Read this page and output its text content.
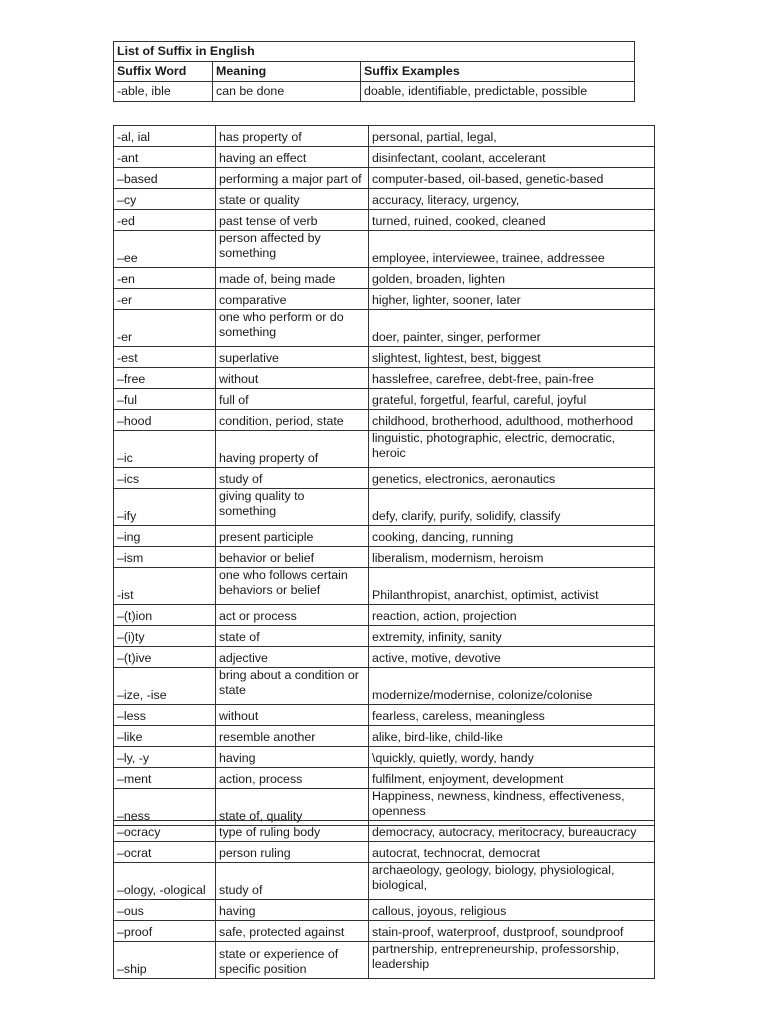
List of Suffix in English		
Suffix Word	Meaning	Suffix Examples
-able, ible	can be done	doable, identifiable, predictable, possible
-al, ial	has property of	personal, partial, legal,
-ant	having an effect	disinfectant, coolant, accelerant
–based	performing a major part of	computer-based, oil-based, genetic-based
–cy	state or quality	accuracy, literacy, urgency,
-ed	past tense of verb	turned, ruined, cooked, cleaned
–ee	person affected by something	employee, interviewee, trainee, addressee
-en	made of, being made	golden, broaden, lighten
-er	comparative	higher, lighter, sooner, later
-er	one who perform or do something	doer, painter, singer, performer
-est	superlative	slightest, lightest, best, biggest
–free	without	hasslefree, carefree, debt-free, pain-free
–ful	full of	grateful, forgetful, fearful, careful, joyful
–hood	condition, period, state	childhood, brotherhood, adulthood, motherhood
–ic	having property of	linguistic, photographic, electric, democratic, heroic
–ics	study of	genetics, electronics, aeronautics
–ify	giving quality to something	defy, clarify, purify, solidify, classify
–ing	present participle	cooking, dancing, running
–ism	behavior or belief	liberalism, modernism, heroism
-ist	one who follows certain behaviors or belief	Philanthropist, anarchist, optimist, activist
–(t)ion	act or process	reaction, action, projection
–(i)ty	state of	extremity, infinity, sanity
–(t)ive	adjective	active, motive, devotive
–ize, -ise	bring about a condition or state	modernize/modernise, colonize/colonise
–less	without	fearless, careless, meaningless
–like	resemble another	alike, bird-like, child-like
–ly, -y	having	\quickly, quietly, wordy, handy
–ment	action, process	fulfilment, enjoyment, development
–ness	state of, quality	Happiness, newness, kindness, effectiveness, openness
–ocracy	type of ruling body	democracy, autocracy, meritocracy, bureaucracy
–ocrat	person ruling	autocrat, technocrat, democrat
–ology, -ological	study of	archaeology, geology, biology, physiological, biological,
–ous	having	callous, joyous, religious
–proof	safe, protected against	stain-proof, waterproof, dustproof, soundproof
–ship	state or experience of specific position	partnership, entrepreneurship, professorship, leadership
